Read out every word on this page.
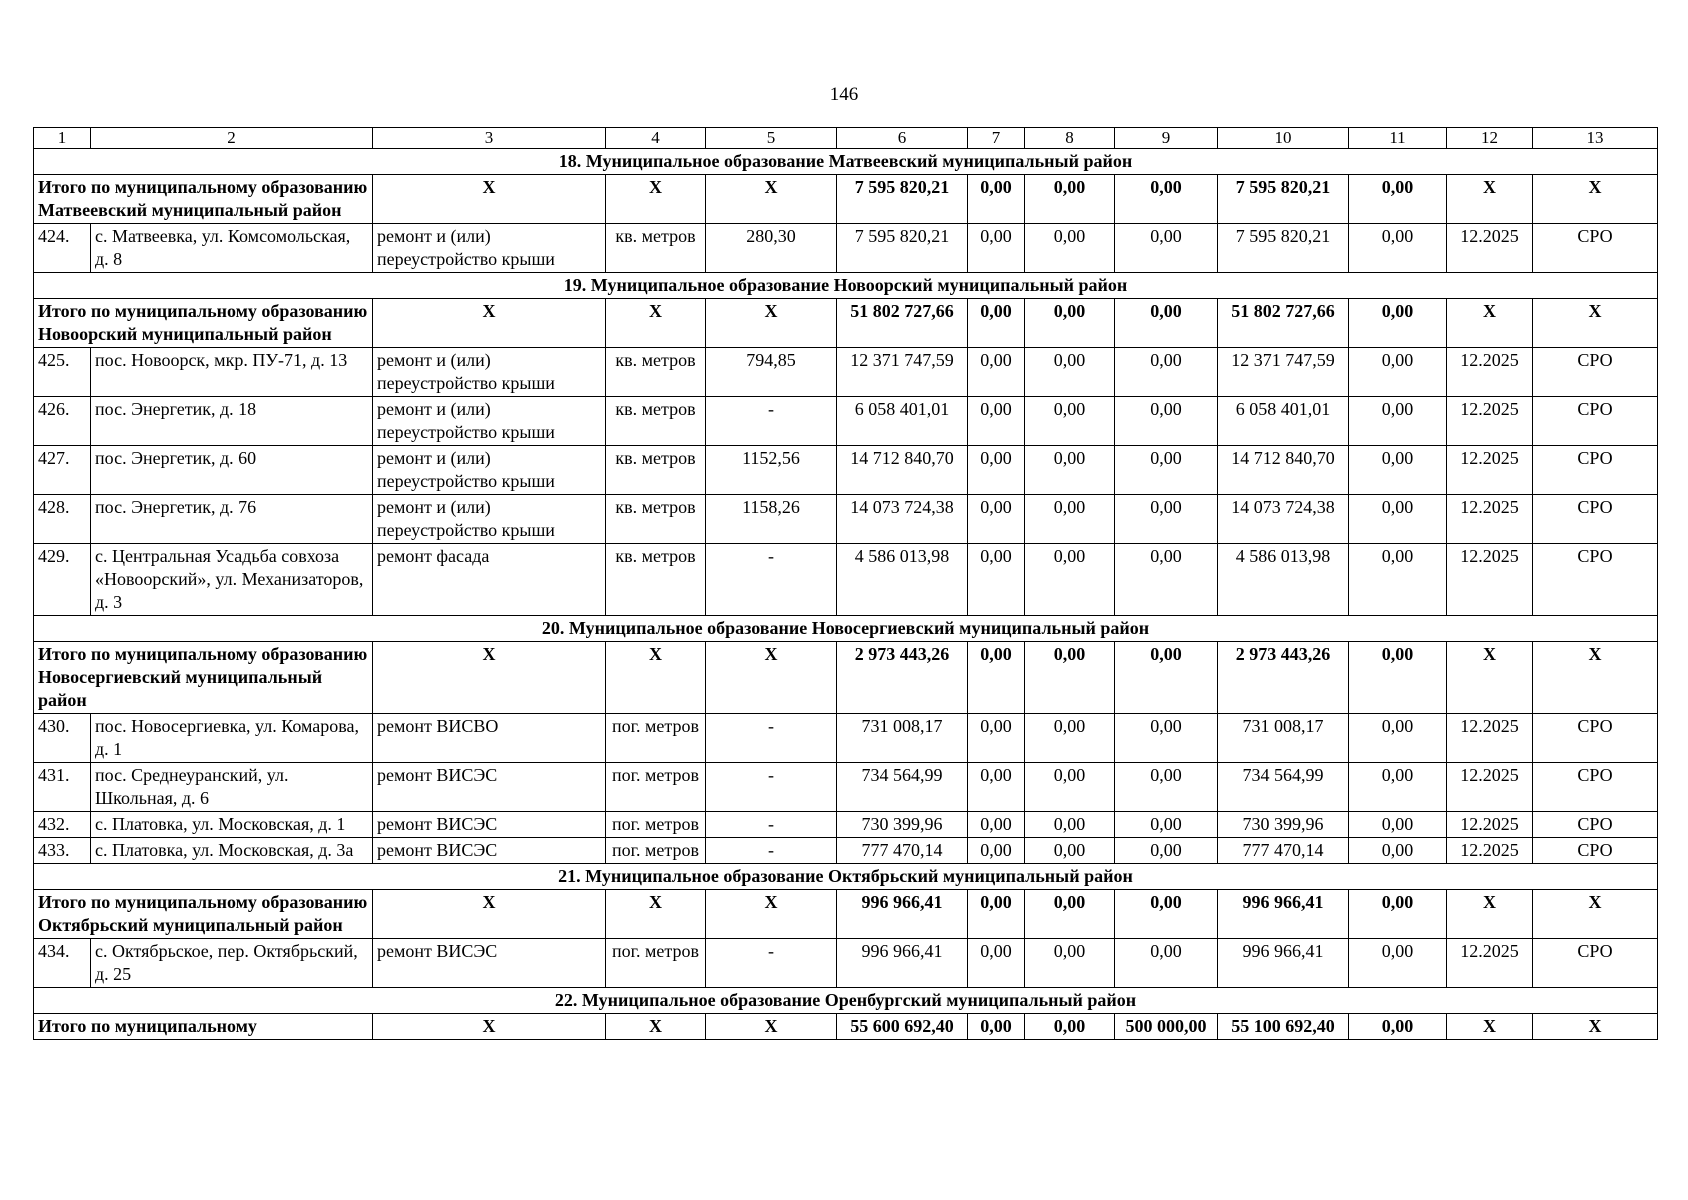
146
1	2	3	4	5	6	7	8	9	10	11	12	13
18. Муниципальное образование Матвеевский муниципальный район												
Итого по муниципальному образованию Матвеевский муниципальный район		X	X	X	7 595 820,21	0,00	0,00	0,00	7 595 820,21	0,00	X	X
424.	с. Матвеевка, ул. Комсомольская, д. 8	ремонт и (или) переустройство крыши	кв. метров	280,30	7 595 820,21	0,00	0,00	0,00	7 595 820,21	0,00	12.2025	СРО
19. Муниципальное образование Новоорский муниципальный район												
Итого по муниципальному образованию Новоорский муниципальный район		X	X	X	51 802 727,66	0,00	0,00	0,00	51 802 727,66	0,00	X	X
425.	пос. Новоорск, мкр. ПУ-71, д. 13	ремонт и (или) переустройство крыши	кв. метров	794,85	12 371 747,59	0,00	0,00	0,00	12 371 747,59	0,00	12.2025	СРО
426.	пос. Энергетик, д. 18	ремонт и (или) переустройство крыши	кв. метров	-	6 058 401,01	0,00	0,00	0,00	6 058 401,01	0,00	12.2025	СРО
427.	пос. Энергетик, д. 60	ремонт и (или) переустройство крыши	кв. метров	1152,56	14 712 840,70	0,00	0,00	0,00	14 712 840,70	0,00	12.2025	СРО
428.	пос. Энергетик, д. 76	ремонт и (или) переустройство крыши	кв. метров	1158,26	14 073 724,38	0,00	0,00	0,00	14 073 724,38	0,00	12.2025	СРО
429.	с. Центральная Усадьба совхоза «Новоорский», ул. Механизаторов, д. 3	ремонт фасада	кв. метров	-	4 586 013,98	0,00	0,00	0,00	4 586 013,98	0,00	12.2025	СРО
20. Муниципальное образование Новосергиевский муниципальный район												
Итого по муниципальному образованию Новосергиевский муниципальный район		X	X	X	2 973 443,26	0,00	0,00	0,00	2 973 443,26	0,00	X	X
430.	пос. Новосергиевка, ул. Комарова, д. 1	ремонт ВИСВО	пог. метров	-	731 008,17	0,00	0,00	0,00	731 008,17	0,00	12.2025	СРО
431.	пос. Среднеуранский, ул. Школьная, д. 6	ремонт ВИСЭС	пог. метров	-	734 564,99	0,00	0,00	0,00	734 564,99	0,00	12.2025	СРО
432.	с. Платовка, ул. Московская, д. 1	ремонт ВИСЭС	пог. метров	-	730 399,96	0,00	0,00	0,00	730 399,96	0,00	12.2025	СРО
433.	с. Платовка, ул. Московская, д. 3а	ремонт ВИСЭС	пог. метров	-	777 470,14	0,00	0,00	0,00	777 470,14	0,00	12.2025	СРО
21. Муниципальное образование Октябрьский муниципальный район												
Итого по муниципальному образованию Октябрьский муниципальный район		X	X	X	996 966,41	0,00	0,00	0,00	996 966,41	0,00	X	X
434.	с. Октябрьское, пер. Октябрьский, д. 25	ремонт ВИСЭС	пог. метров	-	996 966,41	0,00	0,00	0,00	996 966,41	0,00	12.2025	СРО
22. Муниципальное образование Оренбургский муниципальный район												
Итого по муниципальному		X	X	X	55 600 692,40	0,00	0,00	500 000,00	55 100 692,40	0,00	X	X
